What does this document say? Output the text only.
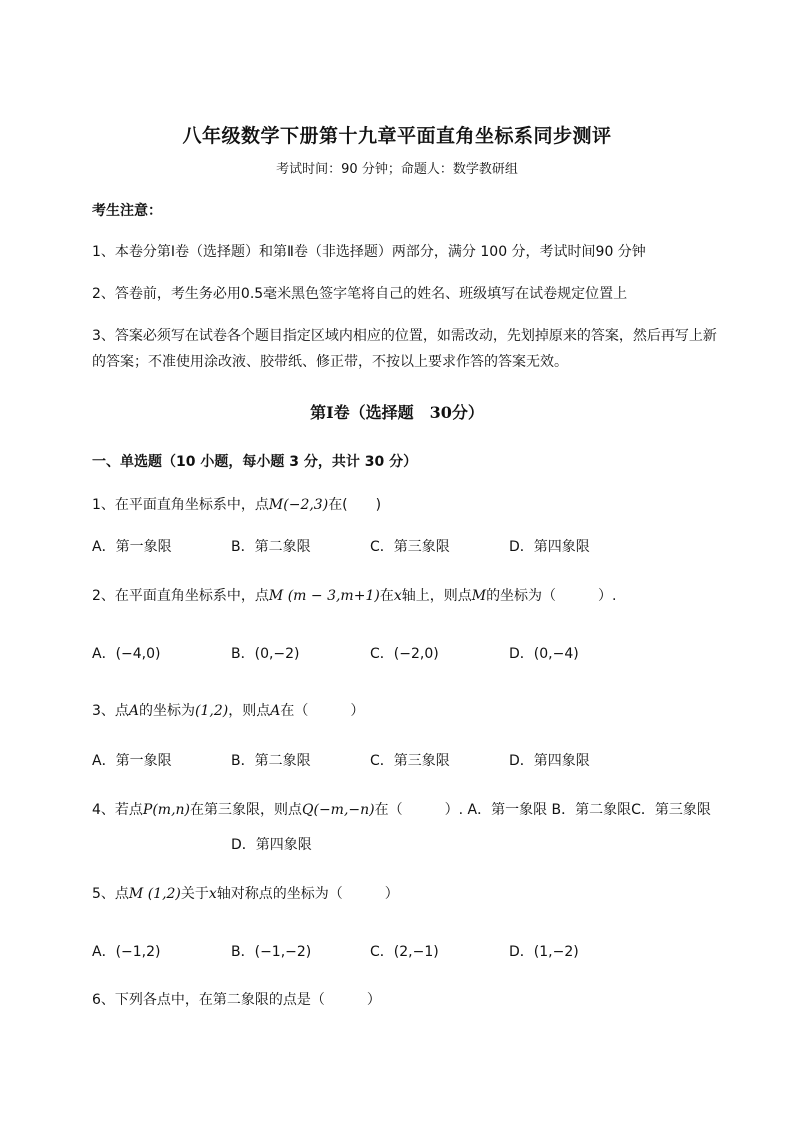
八年级数学下册第十九章平面直角坐标系同步测评
考试时间：90 分钟；命题人：数学教研组
考生注意：
1、本卷分第Ⅰ卷（选择题）和第Ⅱ卷（非选择题）两部分，满分 100 分，考试时间90 分钟
2、答卷前，考生务必用0.5毫米黑色签字笔将自己的姓名、班级填写在试卷规定位置上
3、答案必须写在试卷各个题目指定区域内相应的位置，如需改动，先划掉原来的答案，然后再写上新
的答案；不准使用涂改液、胶带纸、修正带，不按以上要求作答的答案无效。
第Ⅰ卷（选择题　30分）
一、单选题（10 小题，每小题 3 分，共计 30 分）
1、在平面直角坐标系中，点M(−2,3)在(　　)
A．第一象限	B．第二象限	C．第三象限	D．第四象限
2、在平面直角坐标系中，点M (m − 3,m+1)在x轴上，则点M的坐标为（　　　）.
A．(−4,0)	B．(0,−2)	C．(−2,0)	D．(0,−4)
3、点A的坐标为(1,2)，则点A在（　　　）
A．第一象限	B．第二象限	C．第三象限	D．第四象限
4、若点P(m,n)在第三象限，则点Q(−m,−n)在（　　　）. A．第一象限 B．第二象限C．第三象限
D．第四象限
5、点M (1,2)关于x轴对称点的坐标为（　　　）
A．(−1,2)	B．(−1,−2)	C．(2,−1)	D．(1,−2)
6、下列各点中，在第二象限的点是（　　　）
